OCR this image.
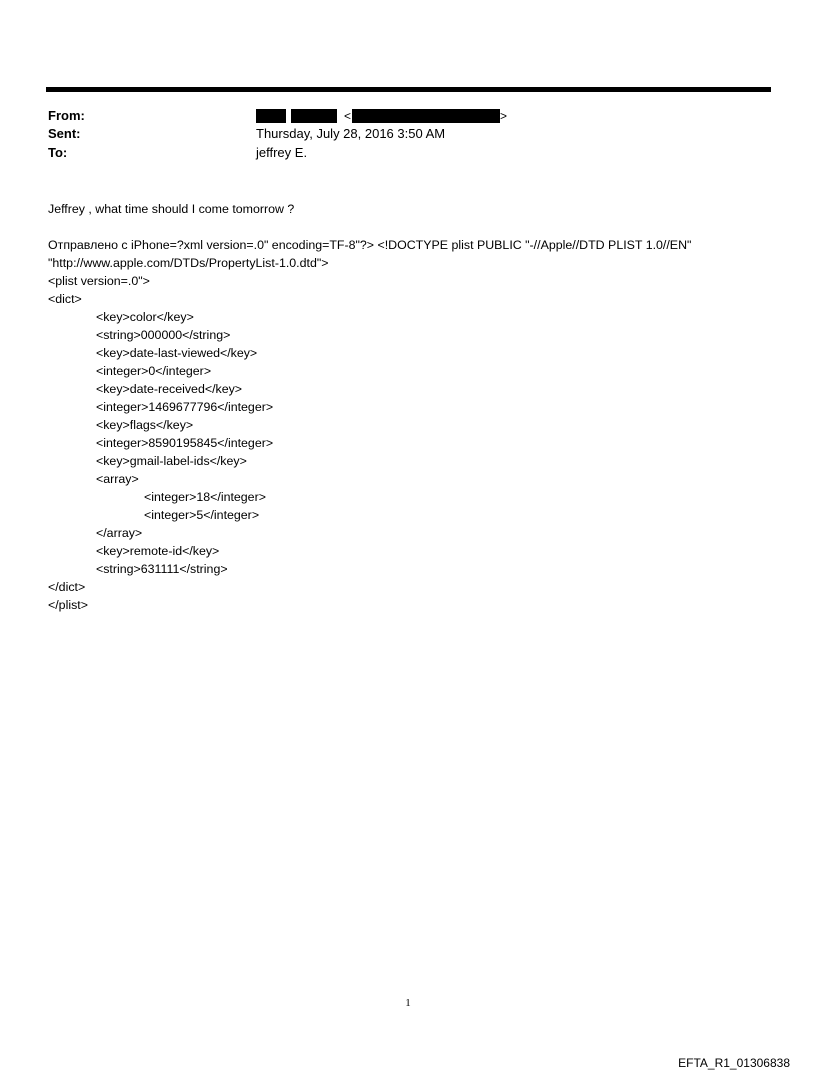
From:
Sent:
To:
<	>
Thursday, July 28, 2016 3:50 AM
jeffrey E.
Jeffrey , what time should I come tomorrow ?
Отправлено с iPhone=?xml version=.0" encoding=TF-8"?> <!DOCTYPE plist PUBLIC "-//Apple//DTD PLIST 1.0//EN"
"http://www.apple.com/DTDs/PropertyList-1.0.dtd">
<plist version=.0">
<dict>
<key>color</key>
<string>000000</string>
<key>date-last-viewed</key>
<integer>0</integer>
<key>date-received</key>
<integer>1469677796</integer>
<key>flags</key>
<integer>8590195845</integer>
<key>gmail-label-ids</key>
<array>
<integer>18</integer>
<integer>5</integer>
</array>
<key>remote-id</key>
<string>631111</string>
</dict>
</plist>
1
EFTA_R1_01306838
